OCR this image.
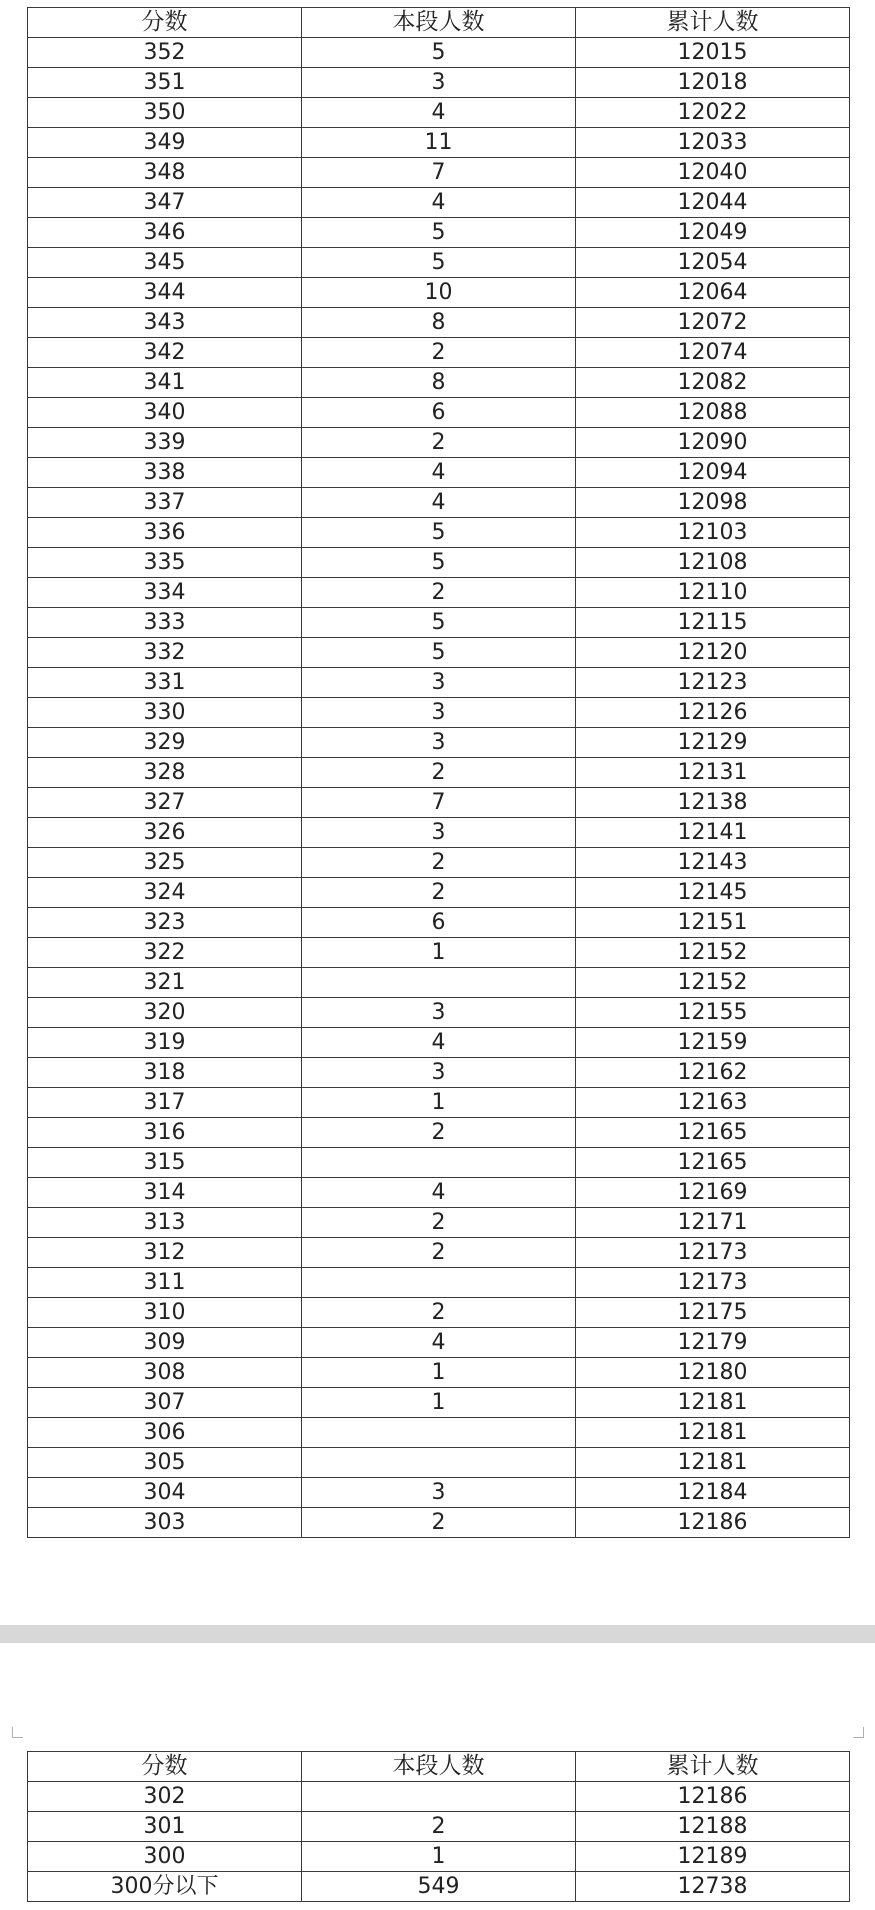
分数	本段人数	累计人数
352	5	12015
351	3	12018
350	4	12022
349	11	12033
348	7	12040
347	4	12044
346	5	12049
345	5	12054
344	10	12064
343	8	12072
342	2	12074
341	8	12082
340	6	12088
339	2	12090
338	4	12094
337	4	12098
336	5	12103
335	5	12108
334	2	12110
333	5	12115
332	5	12120
331	3	12123
330	3	12126
329	3	12129
328	2	12131
327	7	12138
326	3	12141
325	2	12143
324	2	12145
323	6	12151
322	1	12152
321		12152
320	3	12155
319	4	12159
318	3	12162
317	1	12163
316	2	12165
315		12165
314	4	12169
313	2	12171
312	2	12173
311		12173
310	2	12175
309	4	12179
308	1	12180
307	1	12181
306		12181
305		12181
304	3	12184
303	2	12186
分数	本段人数	累计人数
302		12186
301	2	12188
300	1	12189
300分以下	549	12738
